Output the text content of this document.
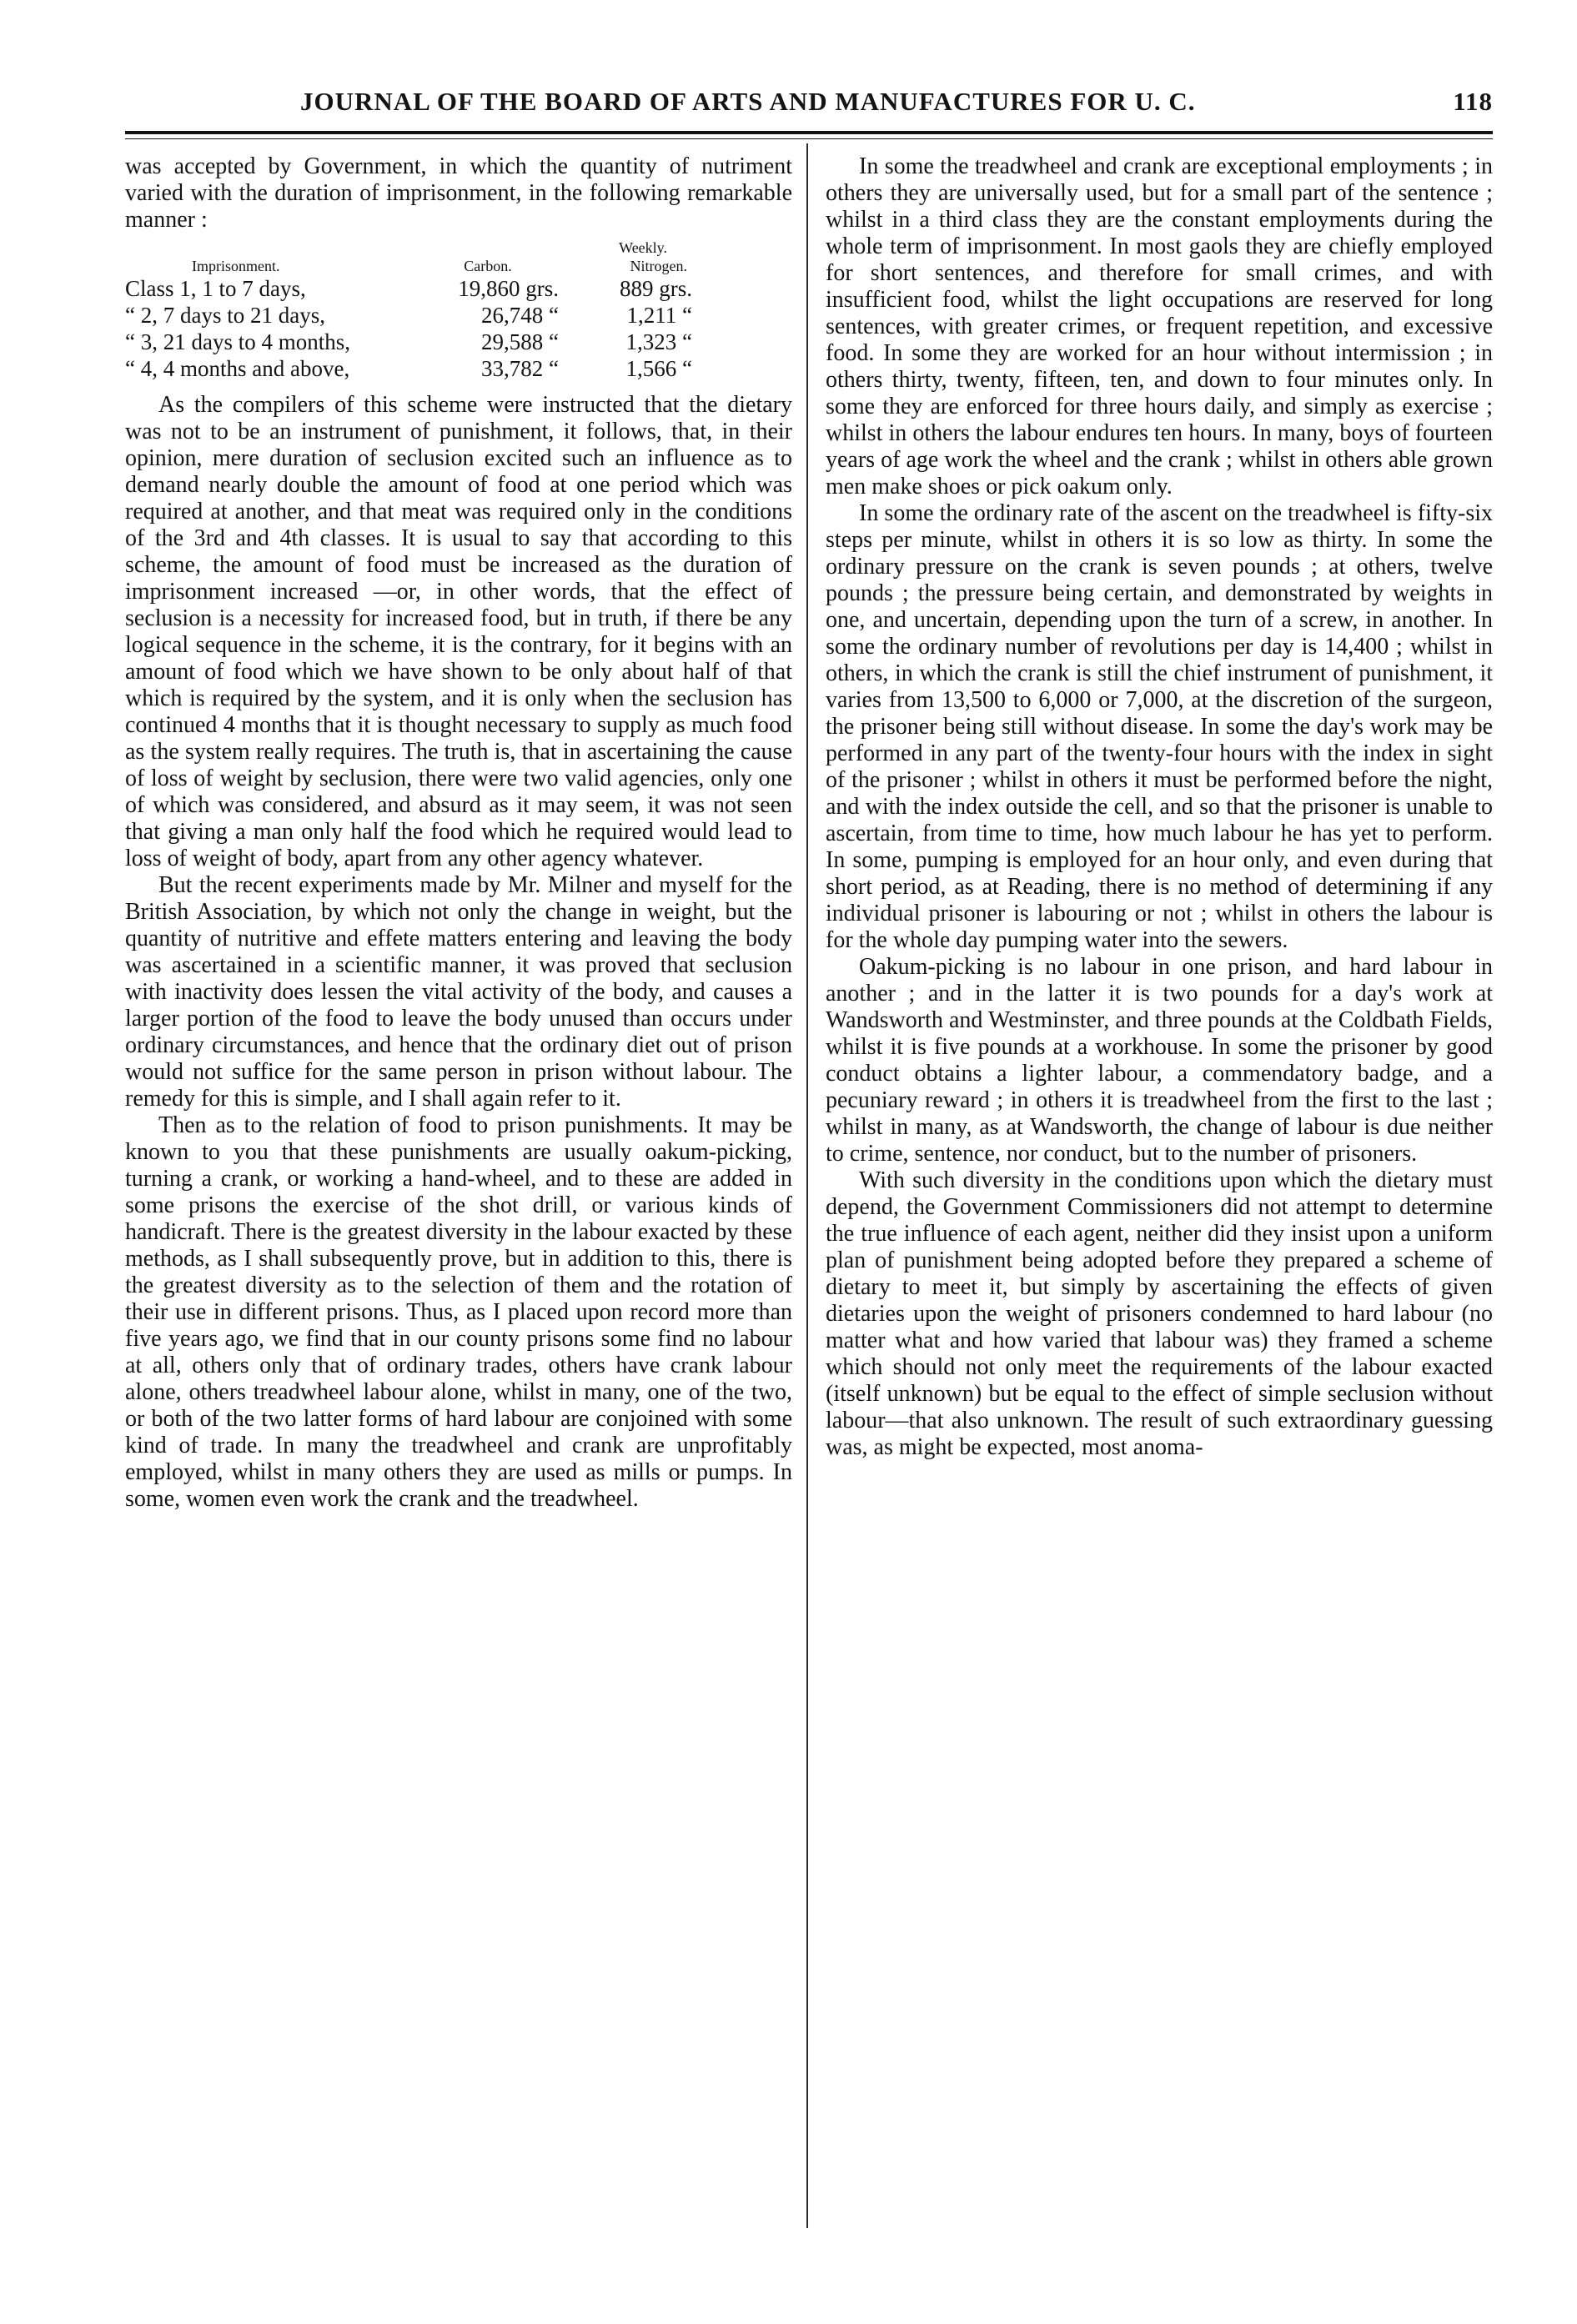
JOURNAL OF THE BOARD OF ARTS AND MANUFACTURES FOR U. C.	118

was accepted by Government, in which the quantity of nutriment varied with the duration of imprisonment, in the following remarkable manner :

Weekly.
Imprisonment.	Carbon.	Nitrogen.
Class 1, 1 to 7 days,	19,860 grs.	889 grs.
“ 2, 7 days to 21 days,	26,748 “	1,211 “
“ 3, 21 days to 4 months,	29,588 “	1,323 “
“ 4, 4 months and above,	33,782 “	1,566 “

As the compilers of this scheme were instructed that the dietary was not to be an instrument of punishment, it follows, that, in their opinion, mere duration of seclusion excited such an influence as to demand nearly double the amount of food at one period which was required at another, and that meat was required only in the conditions of the 3rd and 4th classes. It is usual to say that according to this scheme, the amount of food must be increased as the duration of imprisonment increased —or, in other words, that the effect of seclusion is a necessity for increased food, but in truth, if there be any logical sequence in the scheme, it is the contrary, for it begins with an amount of food which we have shown to be only about half of that which is required by the system, and it is only when the seclusion has continued 4 months that it is thought necessary to supply as much food as the system really requires. The truth is, that in ascertaining the cause of loss of weight by seclusion, there were two valid agencies, only one of which was considered, and absurd as it may seem, it was not seen that giving a man only half the food which he required would lead to loss of weight of body, apart from any other agency whatever.

But the recent experiments made by Mr. Milner and myself for the British Association, by which not only the change in weight, but the quantity of nutritive and effete matters entering and leaving the body was ascertained in a scientific manner, it was proved that seclusion with inactivity does lessen the vital activity of the body, and causes a larger portion of the food to leave the body unused than occurs under ordinary circumstances, and hence that the ordinary diet out of prison would not suffice for the same person in prison without labour. The remedy for this is simple, and I shall again refer to it.

Then as to the relation of food to prison punishments. It may be known to you that these punishments are usually oakum-picking, turning a crank, or working a hand-wheel, and to these are added in some prisons the exercise of the shot drill, or various kinds of handicraft. There is the greatest diversity in the labour exacted by these methods, as I shall subsequently prove, but in addition to this, there is the greatest diversity as to the selection of them and the rotation of their use in different prisons. Thus, as I placed upon record more than five years ago, we find that in our county prisons some find no labour at all, others only that of ordinary trades, others have crank labour alone, others treadwheel labour alone, whilst in many, one of the two, or both of the two latter forms of hard labour are conjoined with some kind of trade. In many the treadwheel and crank are unprofitably employed, whilst in many others they are used as mills or pumps. In some, women even work the crank and the treadwheel.

In some the treadwheel and crank are exceptional employments ; in others they are universally used, but for a small part of the sentence ; whilst in a third class they are the constant employments during the whole term of imprisonment. In most gaols they are chiefly employed for short sentences, and therefore for small crimes, and with insufficient food, whilst the light occupations are reserved for long sentences, with greater crimes, or frequent repetition, and excessive food. In some they are worked for an hour without intermission ; in others thirty, twenty, fifteen, ten, and down to four minutes only. In some they are enforced for three hours daily, and simply as exercise ; whilst in others the labour endures ten hours. In many, boys of fourteen years of age work the wheel and the crank ; whilst in others able grown men make shoes or pick oakum only.

In some the ordinary rate of the ascent on the treadwheel is fifty-six steps per minute, whilst in others it is so low as thirty. In some the ordinary pressure on the crank is seven pounds ; at others, twelve pounds ; the pressure being certain, and demonstrated by weights in one, and uncertain, depending upon the turn of a screw, in another. In some the ordinary number of revolutions per day is 14,400 ; whilst in others, in which the crank is still the chief instrument of punishment, it varies from 13,500 to 6,000 or 7,000, at the discretion of the surgeon, the prisoner being still without disease. In some the day's work may be performed in any part of the twenty-four hours with the index in sight of the prisoner ; whilst in others it must be performed before the night, and with the index outside the cell, and so that the prisoner is unable to ascertain, from time to time, how much labour he has yet to perform. In some, pumping is employed for an hour only, and even during that short period, as at Reading, there is no method of determining if any individual prisoner is labouring or not ; whilst in others the labour is for the whole day pumping water into the sewers.

Oakum-picking is no labour in one prison, and hard labour in another ; and in the latter it is two pounds for a day's work at Wandsworth and Westminster, and three pounds at the Coldbath Fields, whilst it is five pounds at a workhouse. In some the prisoner by good conduct obtains a lighter labour, a commendatory badge, and a pecuniary reward ; in others it is treadwheel from the first to the last ; whilst in many, as at Wandsworth, the change of labour is due neither to crime, sentence, nor conduct, but to the number of prisoners.

With such diversity in the conditions upon which the dietary must depend, the Government Commissioners did not attempt to determine the true influence of each agent, neither did they insist upon a uniform plan of punishment being adopted before they prepared a scheme of dietary to meet it, but simply by ascertaining the effects of given dietaries upon the weight of prisoners condemned to hard labour (no matter what and how varied that labour was) they framed a scheme which should not only meet the requirements of the labour exacted (itself unknown) but be equal to the effect of simple seclusion without labour—that also unknown. The result of such extraordinary guessing was, as might be expected, most anoma-
